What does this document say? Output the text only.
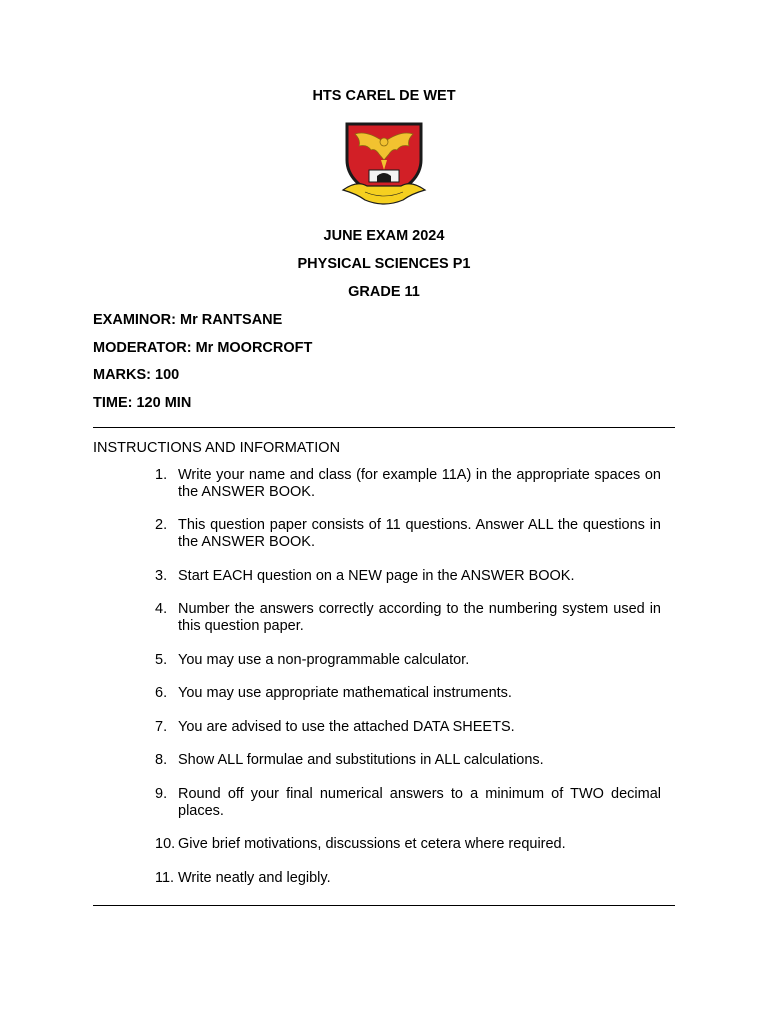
HTS CAREL DE WET
JUNE EXAM 2024
PHYSICAL SCIENCES P1
GRADE 11
EXAMINOR: Mr RANTSANE
MODERATOR: Mr MOORCROFT
MARKS: 100
TIME: 120 MIN
INSTRUCTIONS AND INFORMATION
1. Write your name and class (for example 11A) in the appropriate spaces on the ANSWER BOOK.
2. This question paper consists of 11 questions. Answer ALL the questions in the ANSWER BOOK.
3. Start EACH question on a NEW page in the ANSWER BOOK.
4. Number the answers correctly according to the numbering system used in this question paper.
5. You may use a non-programmable calculator.
6. You may use appropriate mathematical instruments.
7. You are advised to use the attached DATA SHEETS.
8. Show ALL formulae and substitutions in ALL calculations.
9. Round off your final numerical answers to a minimum of TWO decimal places.
10. Give brief motivations, discussions et cetera where required.
11. Write neatly and legibly.
